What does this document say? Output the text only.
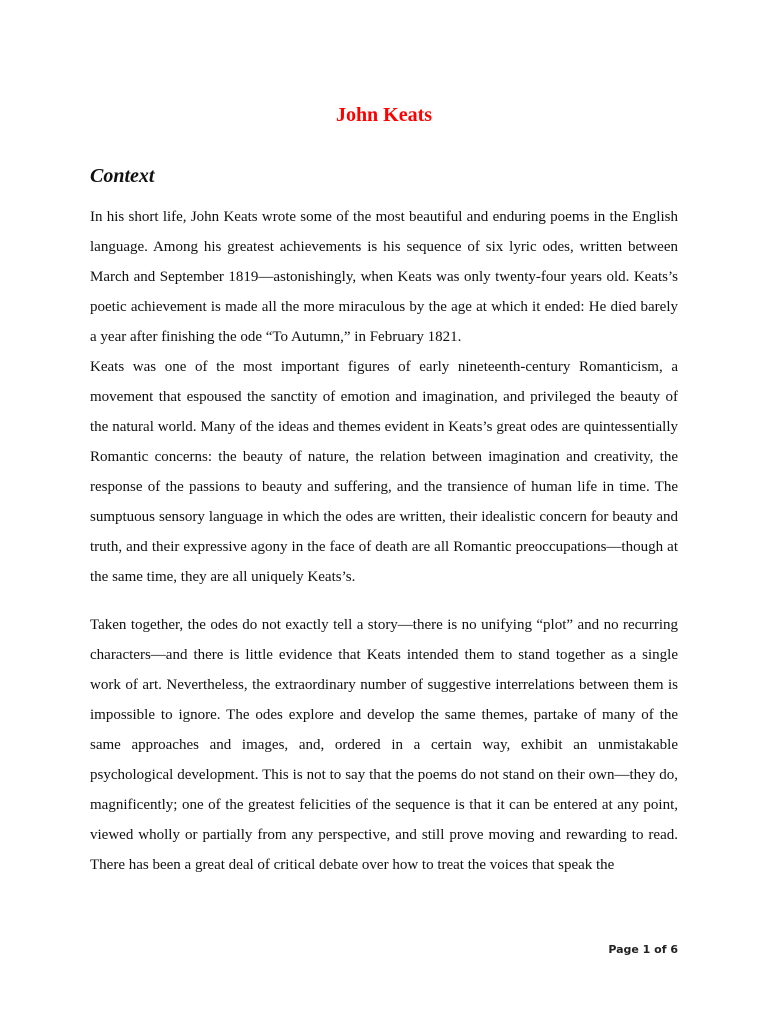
John Keats
Context

In his short life, John Keats wrote some of the most beautiful and enduring poems in the English language. Among his greatest achievements is his sequence of six lyric odes, written between March and September 1819—astonishingly, when Keats was only twenty-four years old. Keats’s poetic achievement is made all the more miraculous by the age at which it ended: He died barely a year after finishing the ode “To Autumn,” in February 1821.

Keats was one of the most important figures of early nineteenth-century Romanticism, a movement that espoused the sanctity of emotion and imagination, and privileged the beauty of the natural world. Many of the ideas and themes evident in Keats’s great odes are quintessentially Romantic concerns: the beauty of nature, the relation between imagination and creativity, the response of the passions to beauty and suffering, and the transience of human life in time. The sumptuous sensory language in which the odes are written, their idealistic concern for beauty and truth, and their expressive agony in the face of death are all Romantic preoccupations—though at the same time, they are all uniquely Keats’s.

Taken together, the odes do not exactly tell a story—there is no unifying “plot” and no recurring characters—and there is little evidence that Keats intended them to stand together as a single work of art. Nevertheless, the extraordinary number of suggestive interrelations between them is impossible to ignore. The odes explore and develop the same themes, partake of many of the same approaches and images, and, ordered in a certain way, exhibit an unmistakable psychological development. This is not to say that the poems do not stand on their own—they do, magnificently; one of the greatest felicities of the sequence is that it can be entered at any point, viewed wholly or partially from any perspective, and still prove moving and rewarding to read. There has been a great deal of critical debate over how to treat the voices that speak the

Page 1 of 6
